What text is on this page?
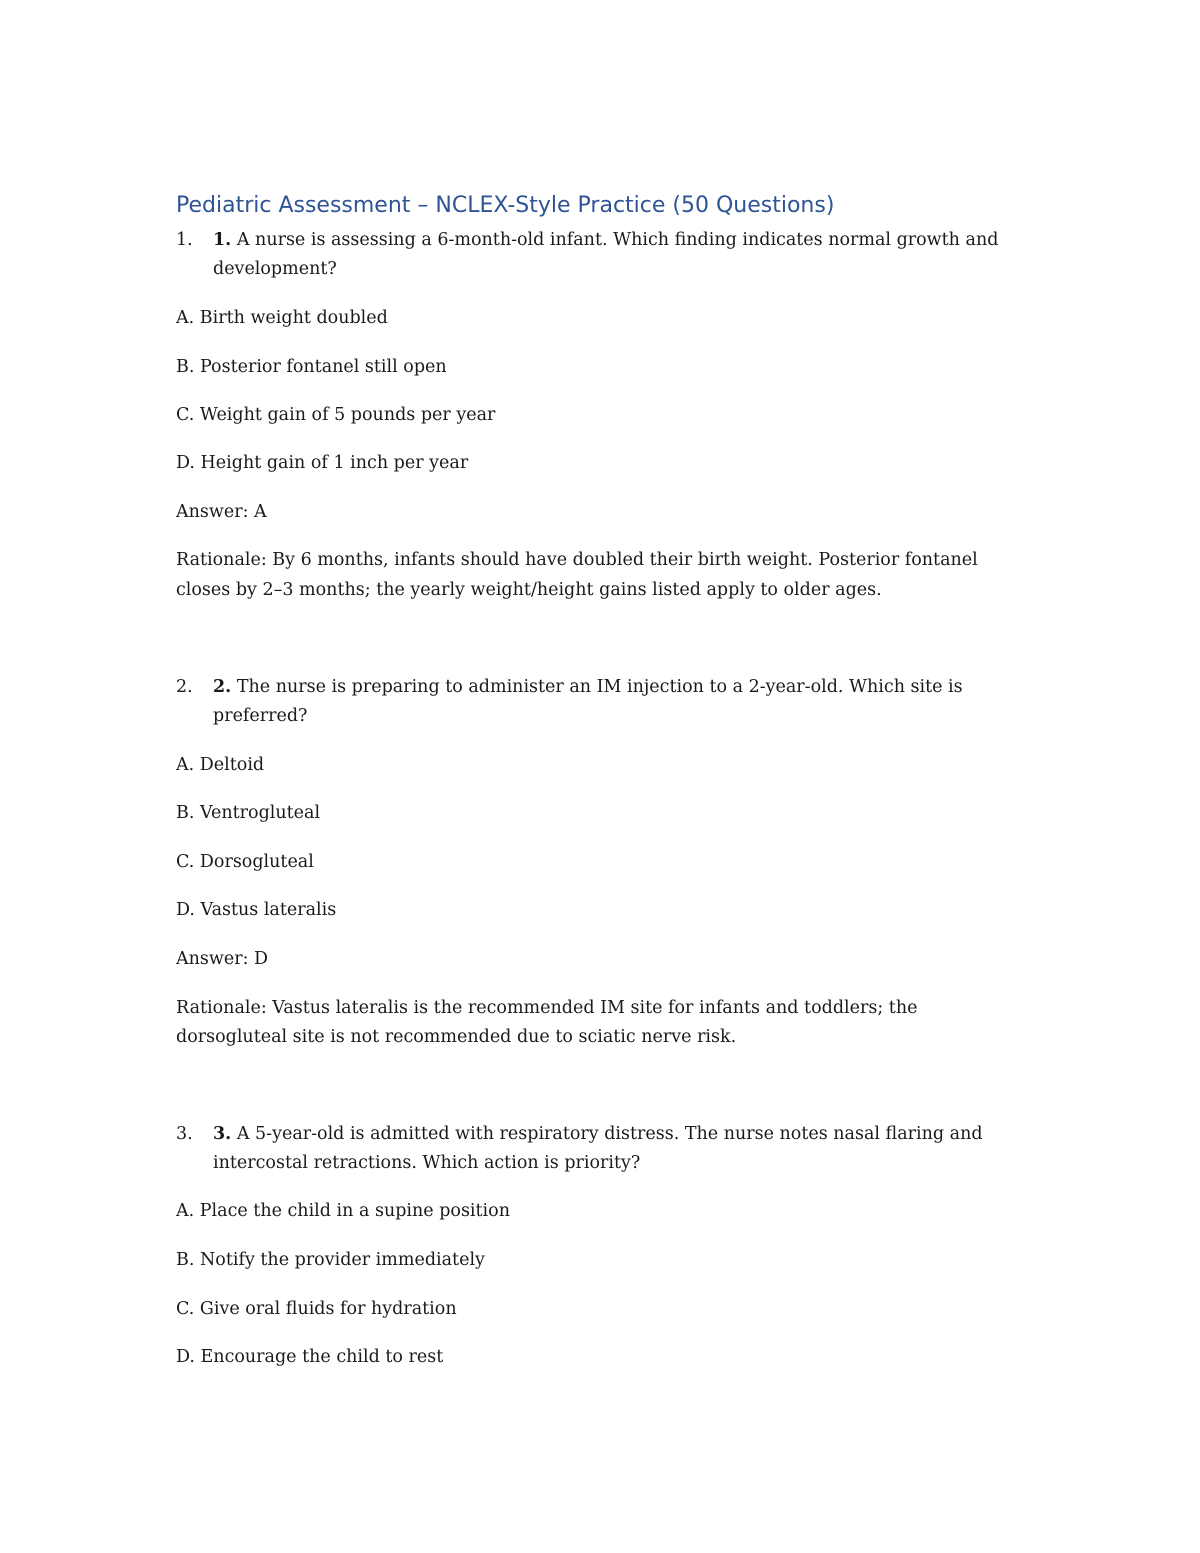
Pediatric Assessment – NCLEX-Style Practice (50 Questions)
1. 1. A nurse is assessing a 6-month-old infant. Which finding indicates normal growth and
development?
A. Birth weight doubled
B. Posterior fontanel still open
C. Weight gain of 5 pounds per year
D. Height gain of 1 inch per year
Answer: A
Rationale: By 6 months, infants should have doubled their birth weight. Posterior fontanel
closes by 2–3 months; the yearly weight/height gains listed apply to older ages.
2. 2. The nurse is preparing to administer an IM injection to a 2-year-old. Which site is
preferred?
A. Deltoid
B. Ventrogluteal
C. Dorsogluteal
D. Vastus lateralis
Answer: D
Rationale: Vastus lateralis is the recommended IM site for infants and toddlers; the
dorsogluteal site is not recommended due to sciatic nerve risk.
3. 3. A 5-year-old is admitted with respiratory distress. The nurse notes nasal flaring and
intercostal retractions. Which action is priority?
A. Place the child in a supine position
B. Notify the provider immediately
C. Give oral fluids for hydration
D. Encourage the child to rest
